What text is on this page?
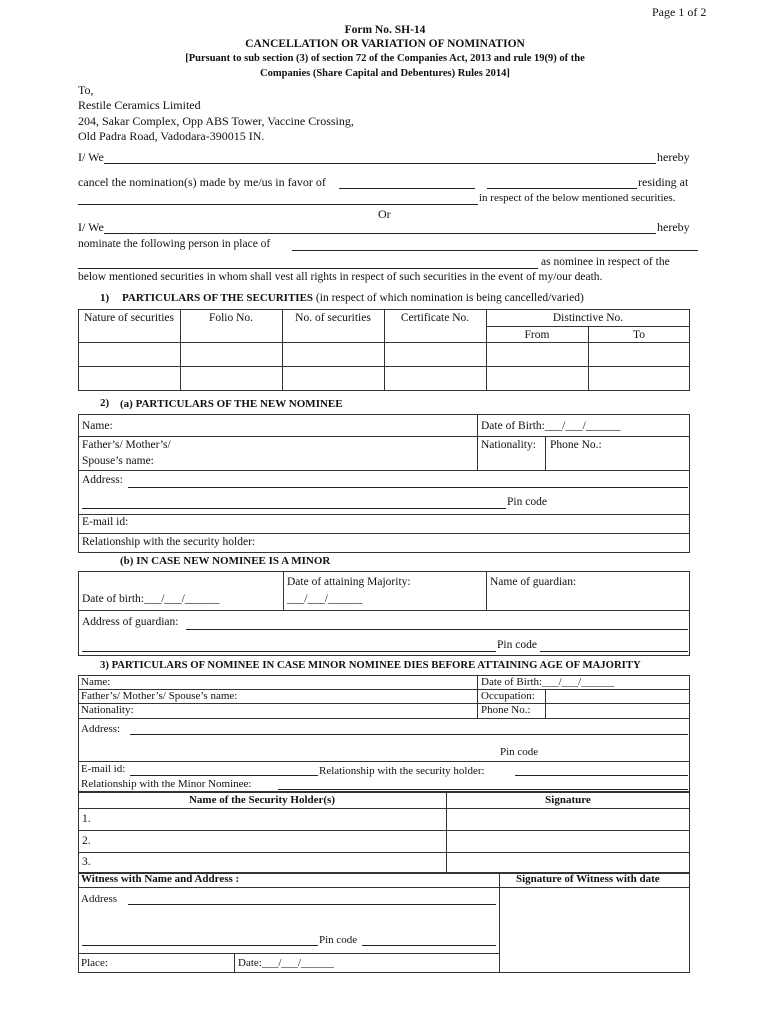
Page 1 of 2
Form No. SH-14
CANCELLATION OR VARIATION OF NOMINATION
[Pursuant to sub section (3) of section 72 of the Companies Act, 2013 and rule 19(9) of the
Companies (Share Capital and Debentures) Rules 2014]
To,
Restile Ceramics Limited
204, Sakar Complex, Opp ABS Tower, Vaccine Crossing,
Old Padra Road, Vadodara-390015 IN.
I/ We	hereby
cancel the nomination(s) made by me/us in favor of	residing at
in respect of the below mentioned securities.
Or
I/ We	hereby
nominate the following person in place of
as nominee in respect of the
below mentioned securities in whom shall vest all rights in respect of such securities in the event of my/our death.
1) PARTICULARS OF THE SECURITIES (in respect of which nomination is being cancelled/varied)
Nature of securities	Folio No.	No. of securities	Certificate No.	Distinctive No.
From	To
2) (a) PARTICULARS OF THE NEW NOMINEE
Name:	Date of Birth:___/___/______
Father’s/ Mother’s/
Spouse’s name:
Nationality: Phone No.:
Address:
Pin code
E-mail id:
Relationship with the security holder:
(b) IN CASE NEW NOMINEE IS A MINOR
Date of birth:___/___/______
Date of attaining Majority:
___/___/______
Name of guardian:
Address of guardian:
Pin code
3) PARTICULARS OF NOMINEE IN CASE MINOR NOMINEE DIES BEFORE ATTAINING AGE OF MAJORITY
Name:	Date of Birth:___/___/______
Father’s/ Mother’s/ Spouse’s name:	Occupation:
Nationality:	Phone No.:
Address:
Pin code
E-mail id:	Relationship with the security holder:
Relationship with the Minor Nominee:
Name of the Security Holder(s)	Signature
1.
2.
3.
Witness with Name and Address :	Signature of Witness with date
Address
Pin code
Place:	Date:___/___/______
